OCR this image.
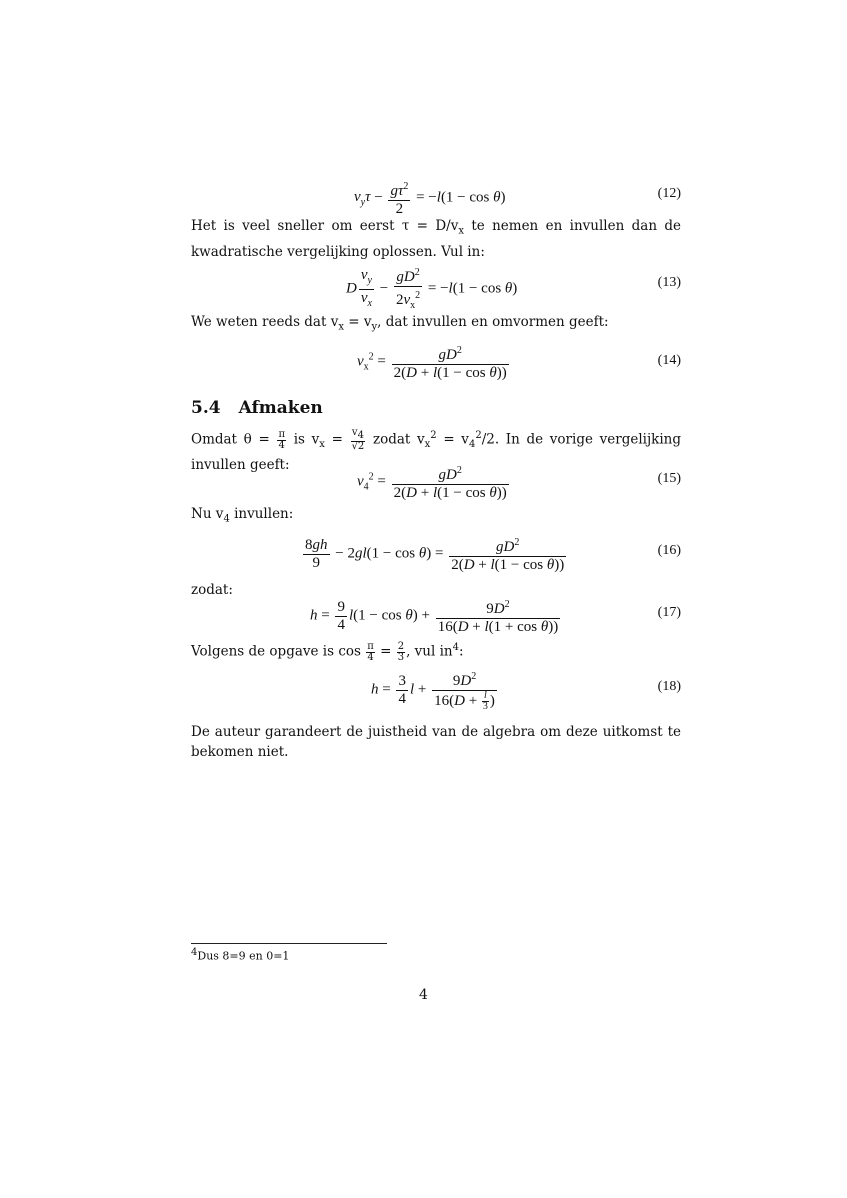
$v_y\tau - \frac{g\tau^2}{2} = -l(1 - \cos \theta)$	(12)
Het is veel sneller om eerst $\tau = D/v_x$ te nemen en invullen dan de kwadratische vergelijking oplossen. Vul in:
D $\frac{v_y}{v_x} - \frac{gD^2}{2v_x^2} = -l(1 - \cos \theta)$	(13)
We weten reeds dat $v_x = v_y$, dat invullen en omvormen geeft:
$v_x^2 = \frac{gD^2}{\text{2(D + l(1 − cos θ))}}$	(14)
5.4 Afmaken
Omdat $\theta = \frac{\pi}{4}$ is $v_x = \frac{v_4}{√2}$ zodat $v_x^2 = v_4^2/2$. In de vorige vergelijking invullen geeft:
$v_4^2 = \frac{gD^2}{\text{2(D + l(1 − cos θ))}}$	(15)
Nu $v_4$ invullen:
$\frac{8gh}{9} - 2gl(1 - \cos \theta) = \frac{gD^2}{\text{2(D + l(1 − cos θ))}}$	(16)
zodat:
$h = \frac{9}{4} l(1 - \cos \theta) + \frac{9D^2}{\text{16(D + l(1 + cos θ))}}$	(17)
Volgens de opgave is $\cos \frac{\pi}{4} = \frac{2}{3}$ , vul $in^4$:
$h = \frac{3}{4}$ $l + \frac{9D^2}{16(D + \frac{l}{3} )}$	(18)
De auteur garandeert de juistheid van de algebra om deze uitkomst te bekomen niet.
$^4$Dus 8=9 en 0=1
4
